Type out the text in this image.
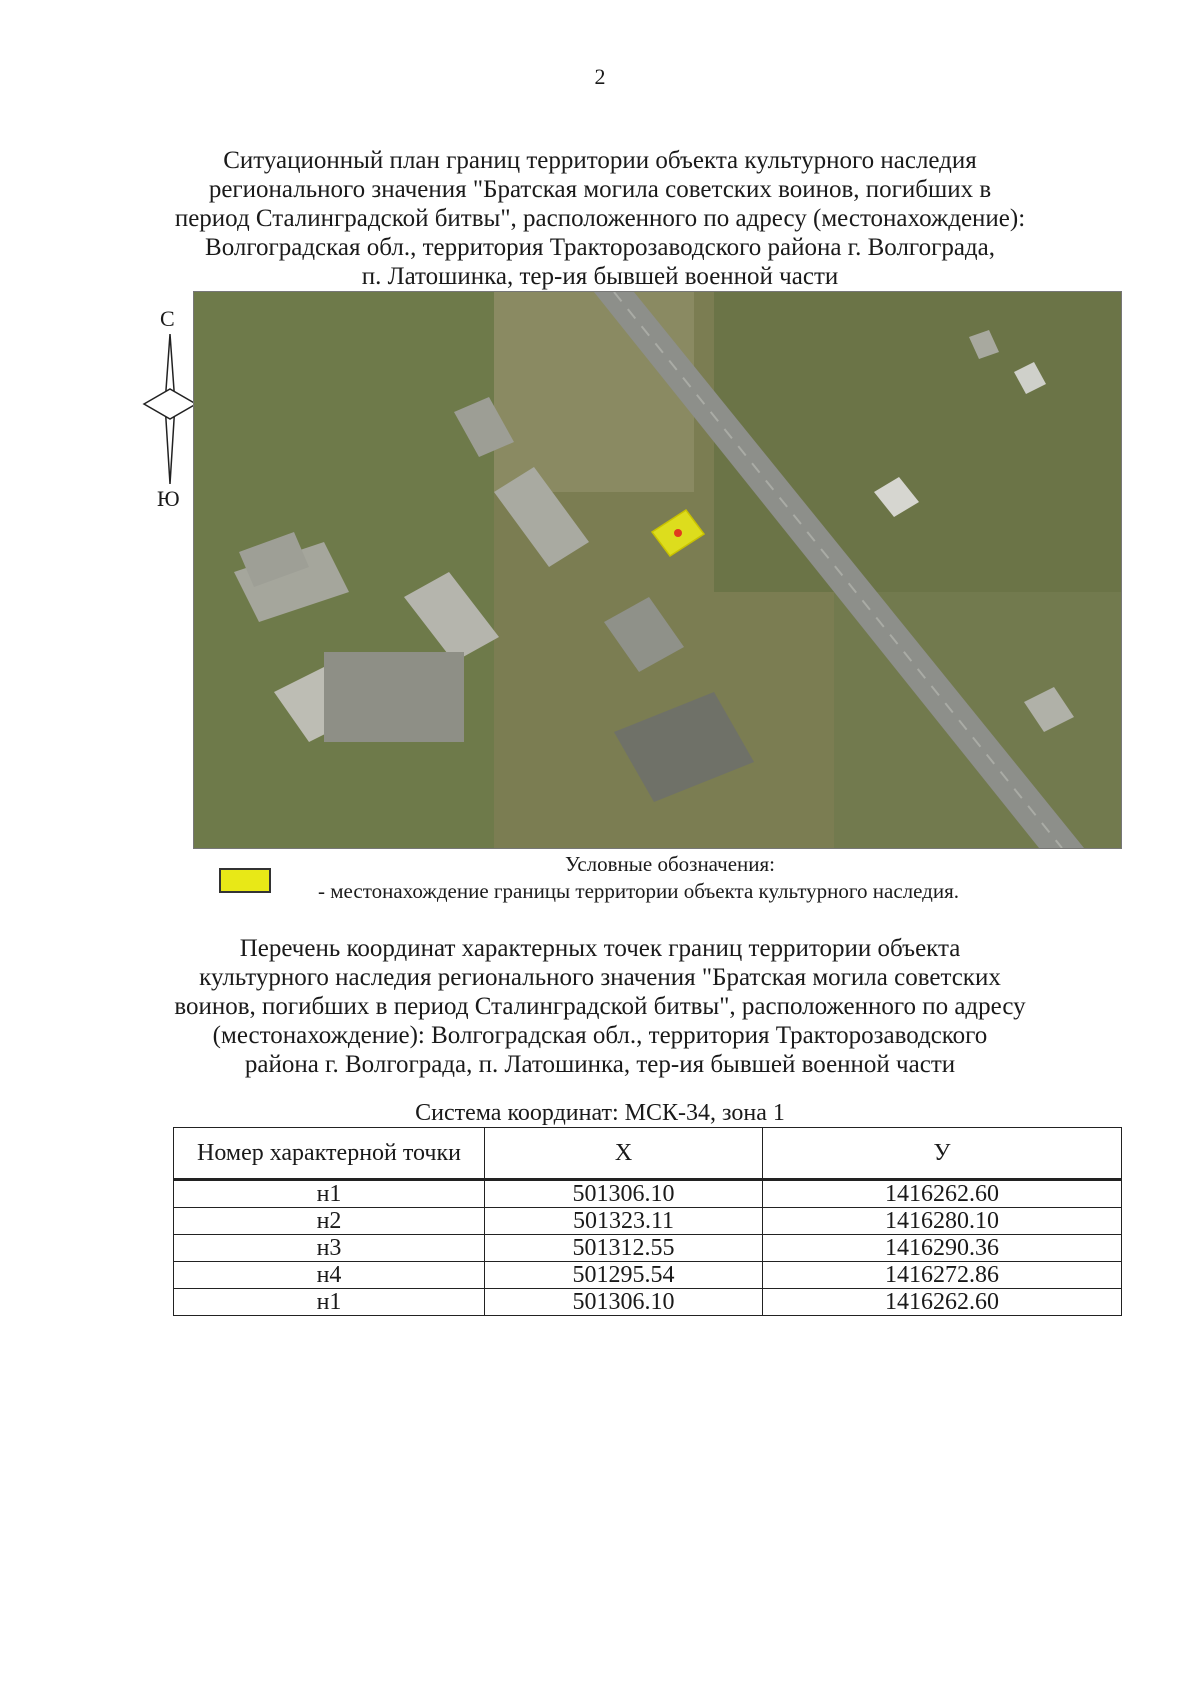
2
Ситуационный план границ территории объекта культурного наследия
регионального значения "Братская могила советских воинов, погибших в
период Сталинградской битвы", расположенного по адресу (местонахождение):
Волгоградская обл., территория Тракторозаводского района г. Волгограда,
п. Латошинка, тер-ия бывшей военной части
С
Ю
Условные обозначения:
- местонахождение границы территории объекта культурного наследия.
Перечень координат характерных точек границ территории объекта
культурного наследия регионального значения "Братская могила советских
воинов, погибших в период Сталинградской битвы", расположенного по адресу
(местонахождение): Волгоградская обл., территория Тракторозаводского
района г. Волгограда, п. Латошинка, тер-ия бывшей военной части
Система координат: МСК-34, зона 1
Номер характерной точки	Х	У
н1	501306.10	1416262.60
н2	501323.11	1416280.10
н3	501312.55	1416290.36
н4	501295.54	1416272.86
н1	501306.10	1416262.60
